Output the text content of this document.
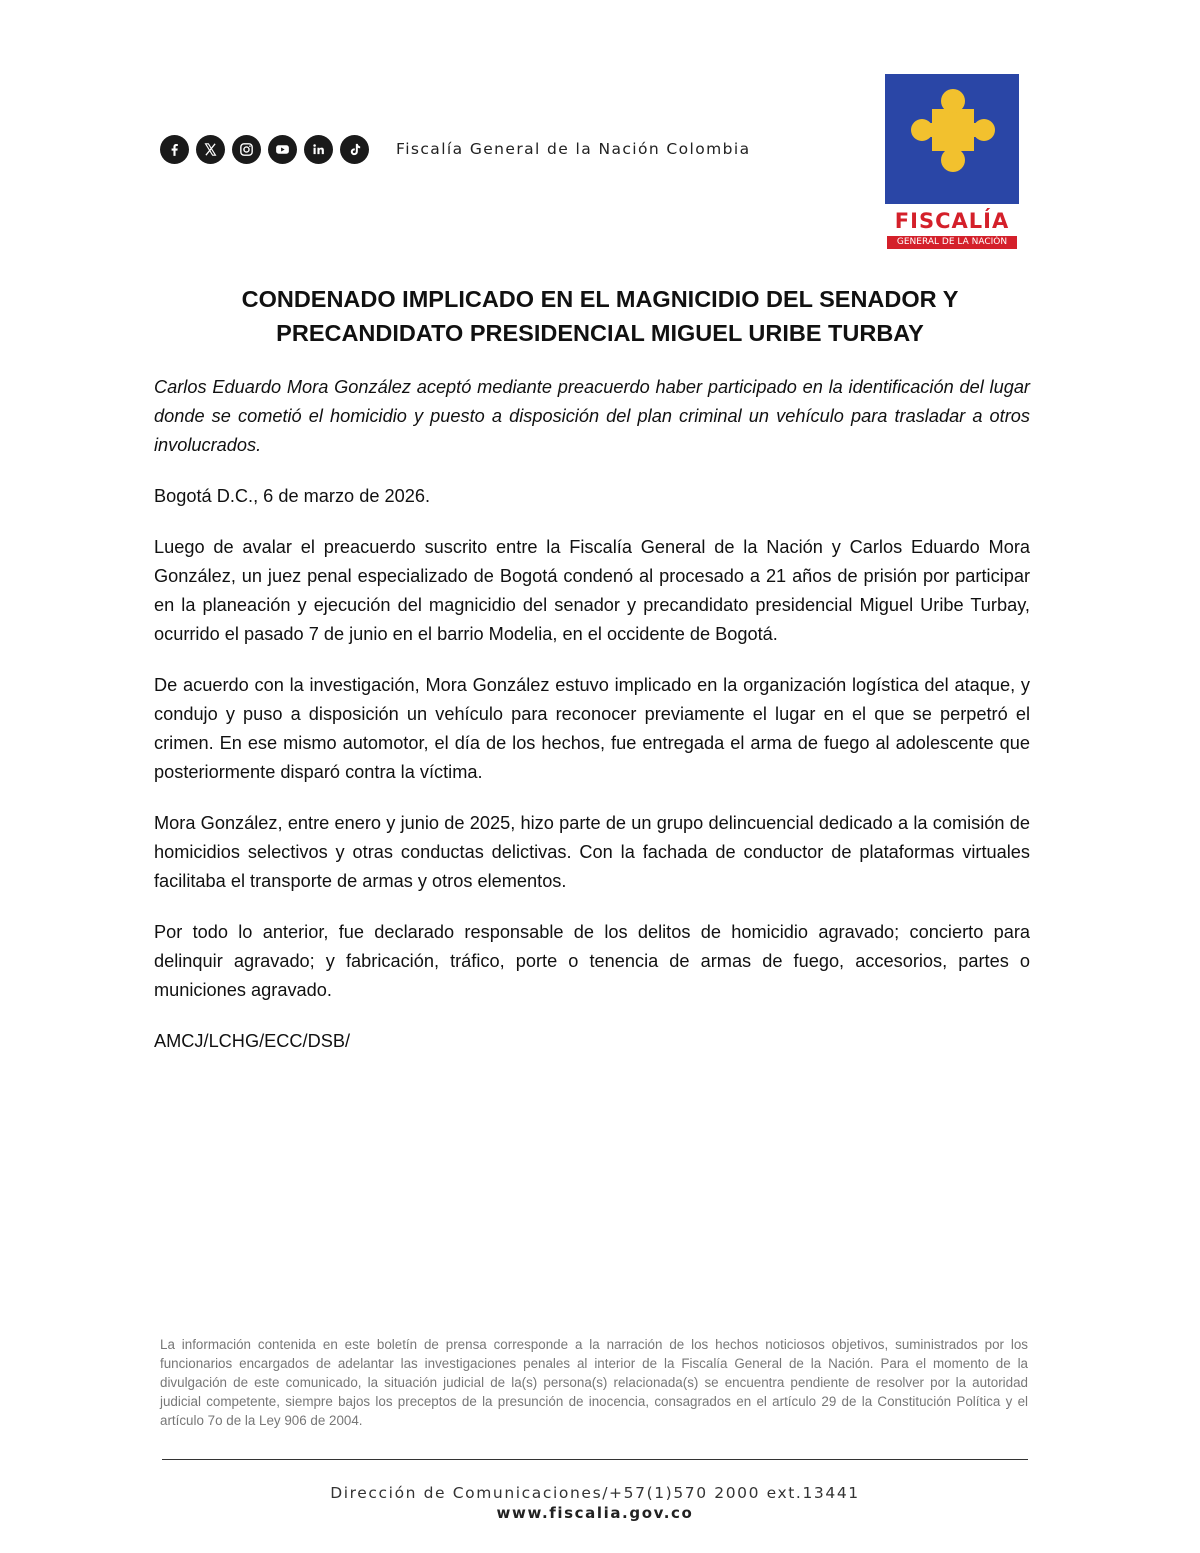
Fiscalía General de la Nación Colombia
FISCALÍA
GENERAL DE LA NACIÓN
CONDENADO IMPLICADO EN EL MAGNICIDIO DEL SENADOR Y
PRECANDIDATO PRESIDENCIAL MIGUEL URIBE TURBAY

Carlos Eduardo Mora González aceptó mediante preacuerdo haber participado en la identificación del lugar donde se cometió el homicidio y puesto a disposición del plan criminal un vehículo para trasladar a otros involucrados.

Bogotá D.C., 6 de marzo de 2026.

Luego de avalar el preacuerdo suscrito entre la Fiscalía General de la Nación y Carlos Eduardo Mora González, un juez penal especializado de Bogotá condenó al procesado a 21 años de prisión por participar en la planeación y ejecución del magnicidio del senador y precandidato presidencial Miguel Uribe Turbay, ocurrido el pasado 7 de junio en el barrio Modelia, en el occidente de Bogotá.

De acuerdo con la investigación, Mora González estuvo implicado en la organización logística del ataque, y condujo y puso a disposición un vehículo para reconocer previamente el lugar en el que se perpetró el crimen. En ese mismo automotor, el día de los hechos, fue entregada el arma de fuego al adolescente que posteriormente disparó contra la víctima.

Mora González, entre enero y junio de 2025, hizo parte de un grupo delincuencial dedicado a la comisión de homicidios selectivos y otras conductas delictivas. Con la fachada de conductor de plataformas virtuales facilitaba el transporte de armas y otros elementos.

Por todo lo anterior, fue declarado responsable de los delitos de homicidio agravado; concierto para delinquir agravado; y fabricación, tráfico, porte o tenencia de armas de fuego, accesorios, partes o municiones agravado.

AMCJ/LCHG/ECC/DSB/

La información contenida en este boletín de prensa corresponde a la narración de los hechos noticiosos objetivos, suministrados por los funcionarios encargados de adelantar las investigaciones penales al interior de la Fiscalía General de la Nación. Para el momento de la divulgación de este comunicado, la situación judicial de la(s) persona(s) relacionada(s) se encuentra pendiente de resolver por la autoridad judicial competente, siempre bajos los preceptos de la presunción de inocencia, consagrados en el artículo 29 de la Constitución Política y el artículo 7o de la Ley 906 de 2004.
Dirección de Comunicaciones/+57(1)570 2000 ext.13441
www.fiscalia.gov.co
